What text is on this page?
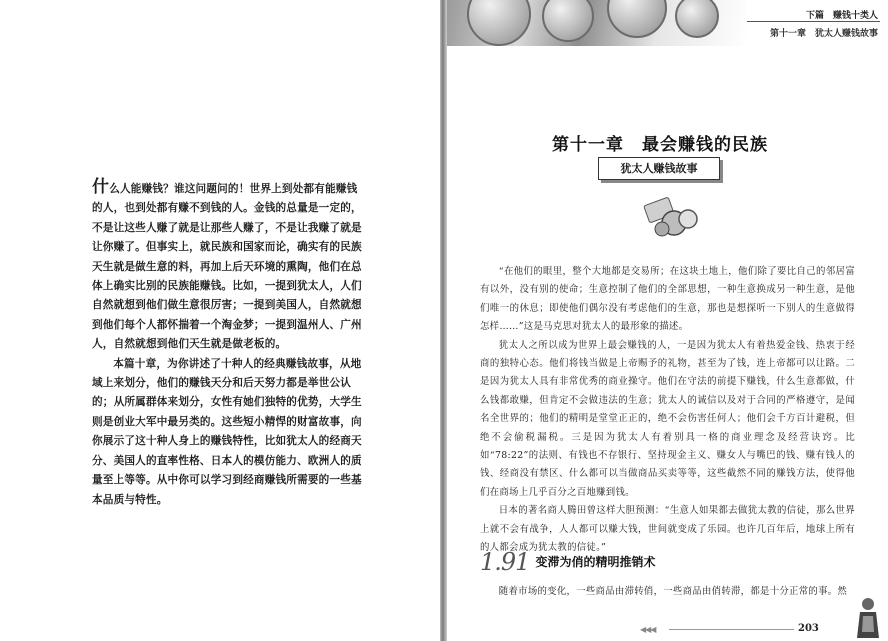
什么人能赚钱？谁这问题问的！世界上到处都有能赚钱的人，也到处都有赚不到钱的人。金钱的总量是一定的，不是让这些人赚了就是让那些人赚了，不是让我赚了就是让你赚了。但事实上，就民族和国家而论，确实有的民族天生就是做生意的料，再加上后天环境的熏陶，他们在总体上确实比别的民族能赚钱。比如，一提到犹太人，人们自然就想到他们做生意很厉害；一提到美国人，自然就想到他们每个人都怀揣着一个淘金梦；一提到温州人、广州人，自然就想到他们天生就是做老板的。

本篇十章，为你讲述了十种人的经典赚钱故事，从地域上来划分，他们的赚钱天分和后天努力都是举世公认的；从所属群体来划分，女性有她们独特的优势，大学生则是创业大军中最另类的。这些短小精悍的财富故事，向你展示了这十种人身上的赚钱特性，比如犹太人的经商天分、美国人的直率性格、日本人的模仿能力、欧洲人的质量至上等等。从中你可以学习到经商赚钱所需要的一些基本品质与特性。

下篇　赚钱十类人
第十一章　犹太人赚钱故事
第十一章　最会赚钱的民族
犹太人赚钱故事

“在他们的眼里，整个大地都是交易所；在这块土地上，他们除了要比自己的邻居富有以外，没有别的使命；生意控制了他们的全部思想，一种生意换成另一种生意，是他们唯一的休息；即使他们偶尔没有考虑他们的生意，那也是想探听一下别人的生意做得怎样……”这是马克思对犹太人的最形象的描述。

犹太人之所以成为世界上最会赚钱的人，一是因为犹太人有着热爱金钱、热衷于经商的独特心态。他们将钱当做是上帝赐予的礼物，甚至为了钱，连上帝都可以让路。二是因为犹太人具有非常优秀的商业操守。他们在守法的前提下赚钱，什么生意都做，什么钱都敢赚，但肯定不会做违法的生意；犹太人的诚信以及对于合同的严格遵守，是闻名全世界的；他们的精明是堂堂正正的，绝不会伤害任何人；他们会千方百计避税，但绝不会偷税漏税。三是因为犹太人有着别具一格的商业理念及经营诀窍。比如“78:22”的法则、有钱也不存银行、坚持现金主义、赚女人与嘴巴的钱、赚有钱人的钱、经商没有禁区、什么都可以当做商品买卖等等，这些截然不同的赚钱方法，使得他们在商场上几乎百分之百地赚到钱。

日本的著名商人腾田曾这样大胆预测：“生意人如果都去做犹太教的信徒，那么世界上就不会有战争，人人都可以赚大钱，世间就变成了乐园。也许几百年后，地球上所有的人都会成为犹太教的信徒。”

1.91 $^{变滞为俏的精明推销术}$
随着市场的变化，一些商品由滞转俏，一些商品由俏转滞，都是十分正常的事。然
◀◀◀	203
